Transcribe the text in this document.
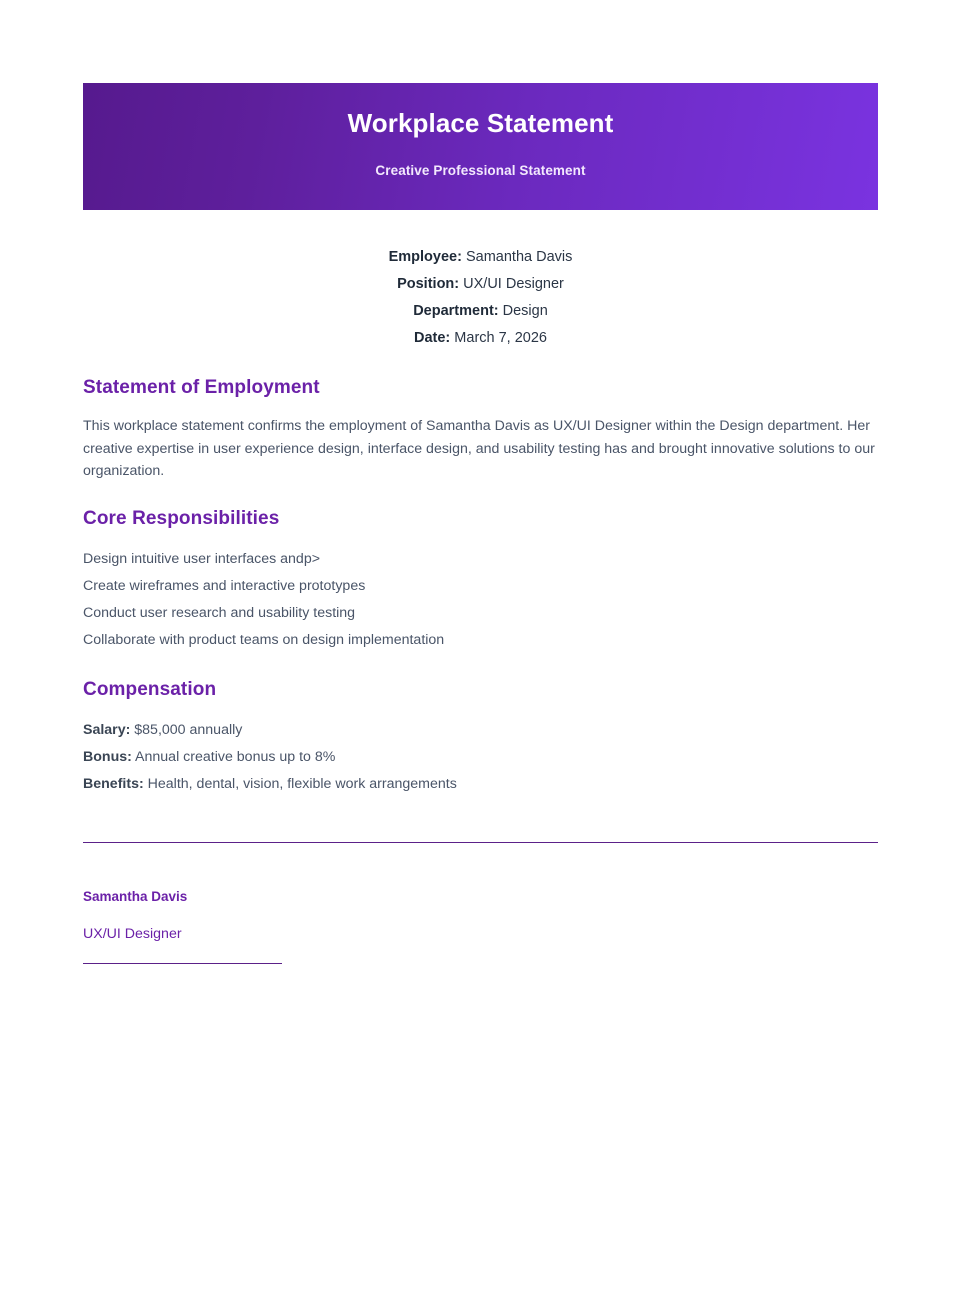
Workplace Statement
Creative Professional Statement
Employee: Samantha Davis
Position: UX/UI Designer
Department: Design
Date: March 7, 2026
Statement of Employment

This workplace statement confirms the employment of Samantha Davis as UX/UI Designer within the Design department. Her creative expertise in user experience design, interface design, and usability testing has and brought innovative solutions to our organization.

Core Responsibilities
Design intuitive user interfaces andp>
Create wireframes and interactive prototypes
Conduct user research and usability testing
Collaborate with product teams on design implementation
Compensation
Salary: $85,000 annually
Bonus: Annual creative bonus up to 8%
Benefits: Health, dental, vision, flexible work arrangements
Samantha Davis
UX/UI Designer
